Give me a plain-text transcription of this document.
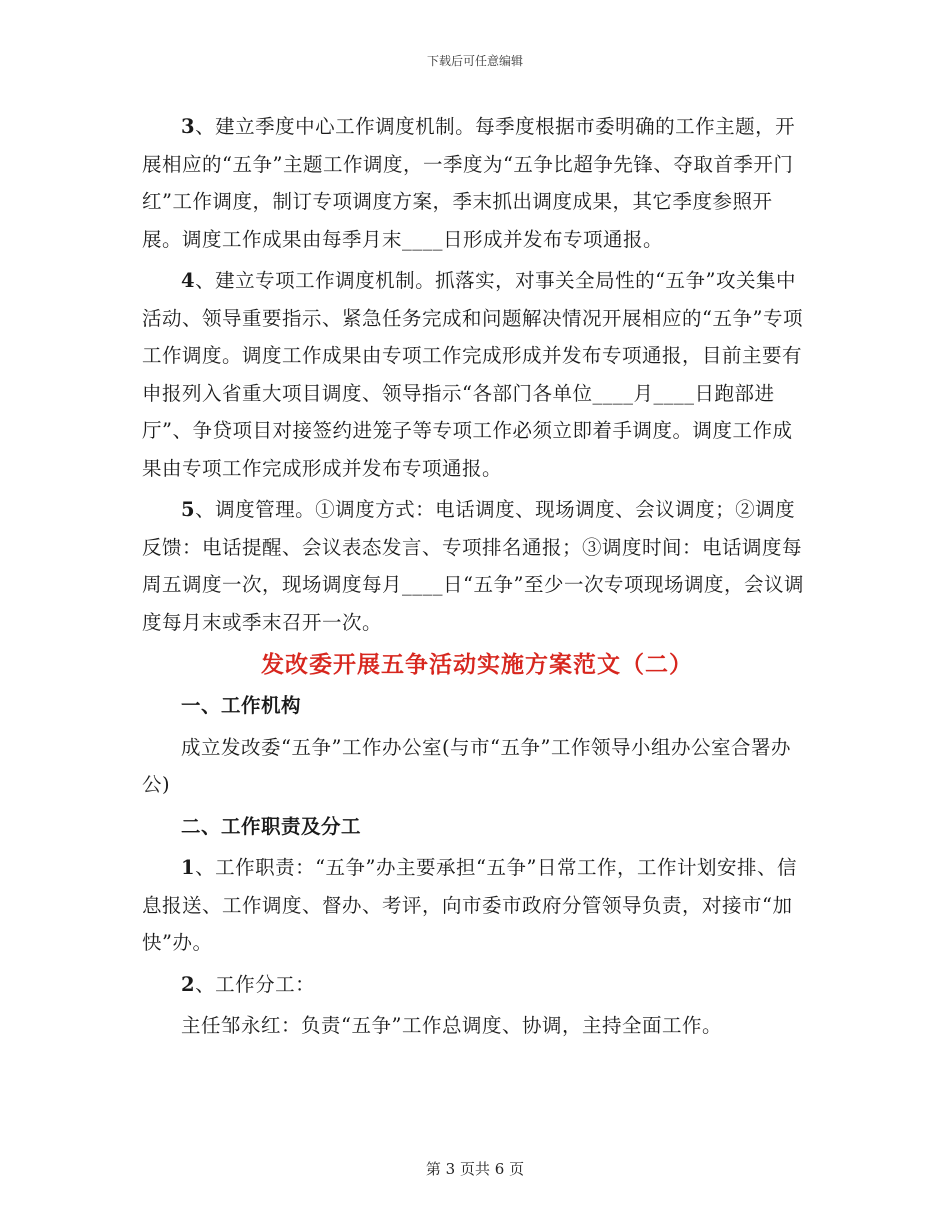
下载后可任意编辑

3、建立季度中心工作调度机制。每季度根据市委明确的工作主题，开展相应的“五争”主题工作调度，一季度为“五争比超争先锋、夺取首季开门红”工作调度，制订专项调度方案，季末抓出调度成果，其它季度参照开展。调度工作成果由每季月末____日形成并发布专项通报。

4、建立专项工作调度机制。抓落实，对事关全局性的“五争”攻关集中活动、领导重要指示、紧急任务完成和问题解决情况开展相应的“五争”专项工作调度。调度工作成果由专项工作完成形成并发布专项通报，目前主要有申报列入省重大项目调度、领导指示“各部门各单位____月____日跑部进厅”、争贷项目对接签约进笼子等专项工作必须立即着手调度。调度工作成果由专项工作完成形成并发布专项通报。

5、调度管理。①调度方式：电话调度、现场调度、会议调度；②调度反馈：电话提醒、会议表态发言、专项排名通报；③调度时间：电话调度每周五调度一次，现场调度每月____日“五争”至少一次专项现场调度，会议调度每月末或季末召开一次。

发改委开展五争活动实施方案范文（二）
一、工作机构

成立发改委“五争”工作办公室(与市“五争”工作领导小组办公室合署办公)

二、工作职责及分工

1、工作职责：“五争”办主要承担“五争”日常工作，工作计划安排、信息报送、工作调度、督办、考评，向市委市政府分管领导负责，对接市“加快”办。

2、工作分工：

主任邹永红：负责“五争”工作总调度、协调，主持全面工作。

第 3 页共 6 页
